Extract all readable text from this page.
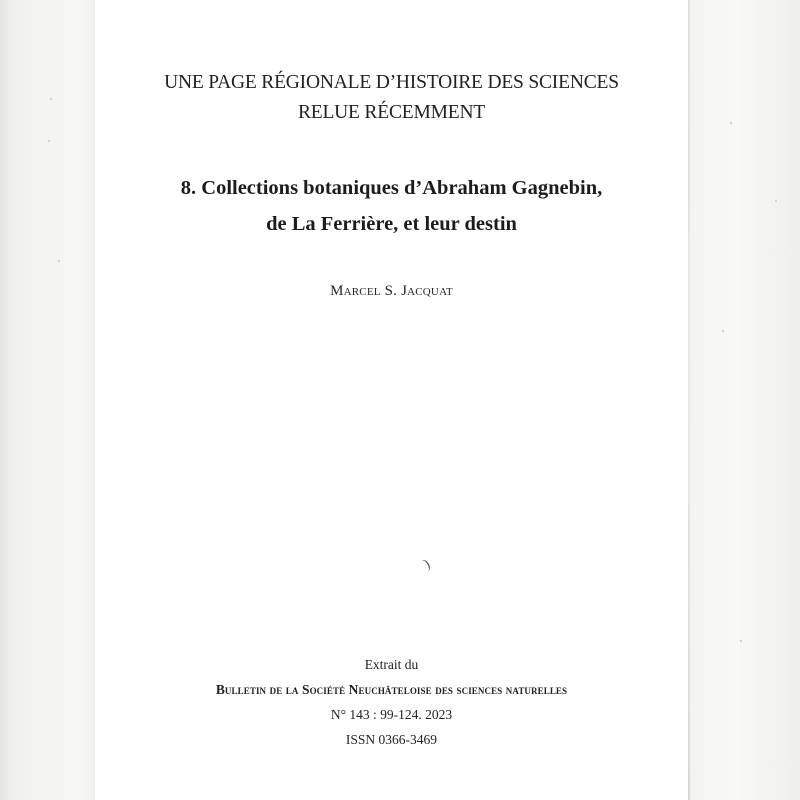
UNE PAGE RÉGIONALE D’HISTOIRE DES SCIENCES
RELUE RÉCEMMENT
8. Collections botaniques d’Abraham Gagnebin,
de La Ferrière, et leur destin
Marcel S. Jacquat
)
Extrait du
Bulletin de la Société Neuchâteloise des sciences naturelles
N° 143 : 99-124. 2023
ISSN 0366-3469
